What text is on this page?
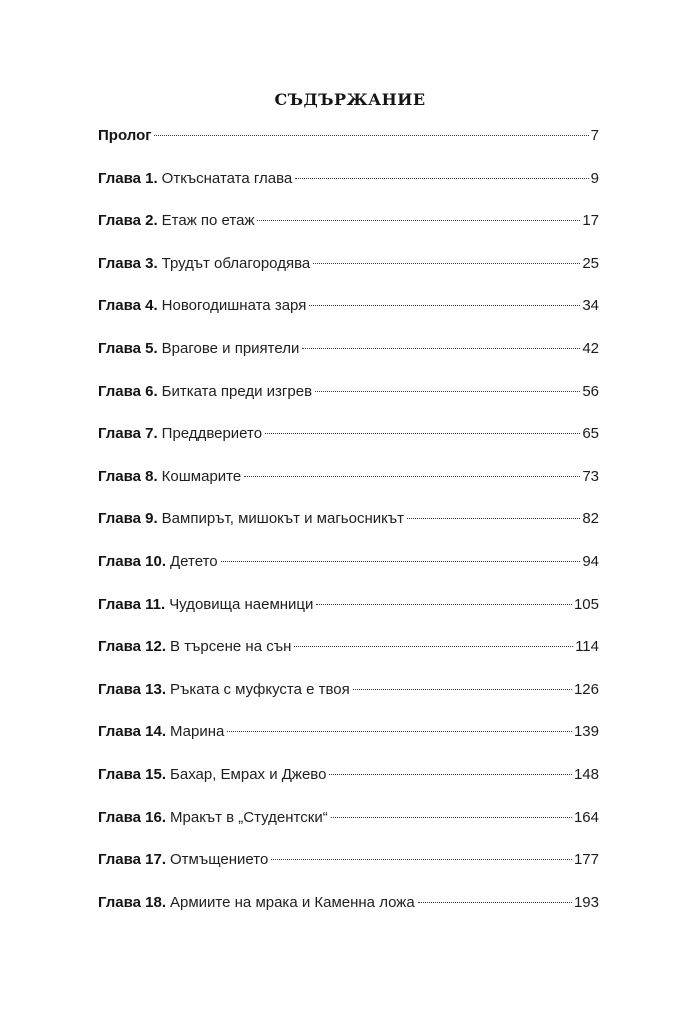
СЪДЪРЖАНИЕ
Пролог	7
Глава 1. Откъснатата глава	9
Глава 2. Етаж по етаж	17
Глава 3. Трудът облагородява	25
Глава 4. Новогодишната заря	34
Глава 5. Врагове и приятели	42
Глава 6. Битката преди изгрев	56
Глава 7. Преддверието	65
Глава 8. Кошмарите	73
Глава 9. Вампирът, мишокът и магьосникът	82
Глава 10. Детето	94
Глава 11. Чудовища наемници	105
Глава 12. В търсене на сън	114
Глава 13. Ръката с муфкуста е твоя	126
Глава 14. Марина	139
Глава 15. Бахар, Емрах и Джево	148
Глава 16. Мракът в „Студентски“	164
Глава 17. Отмъщението	177
Глава 18. Армиите на мрака и Каменна ложа	193
